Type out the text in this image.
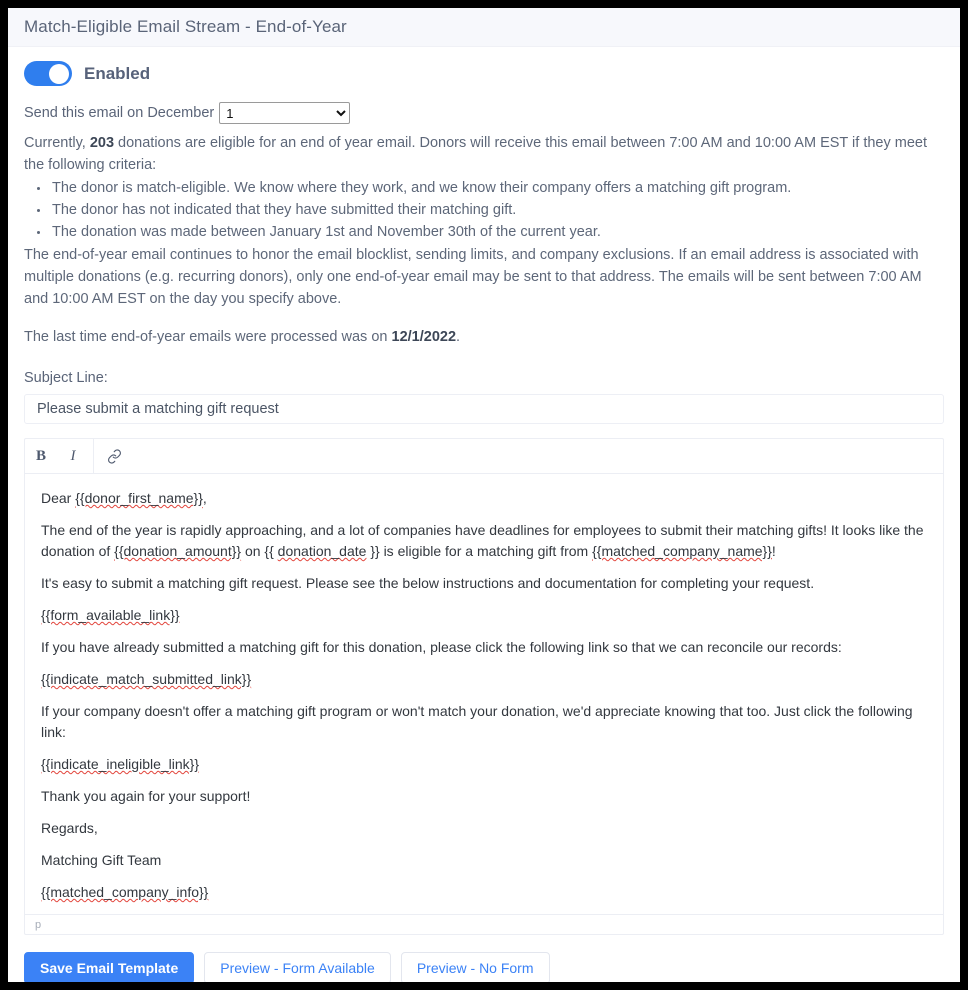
Match-Eligible Email Stream - End-of-Year
Enabled
Send this email on December
1

Currently, 203 donations are eligible for an end of year email. Donors will receive this email between 7:00 AM and 10:00 AM EST if they meet the following criteria:

• The donor is match-eligible. We know where they work, and we know their company offers a matching gift program.
• The donor has not indicated that they have submitted their matching gift.
• The donation was made between January 1st and November 30th of the current year.

The end-of-year email continues to honor the email blocklist, sending limits, and company exclusions. If an email address is associated with multiple donations (e.g. recurring donors), only one end-of-year email may be sent to that address. The emails will be sent between 7:00 AM and 10:00 AM EST on the day you specify above.

The last time end-of-year emails were processed was on 12/1/2022.

Subject Line:
Please submit a matching gift request
B	I

Dear {{donor_first_name}},

The end of the year is rapidly approaching, and a lot of companies have deadlines for employees to submit their matching gifts! It looks like the donation of {{donation_amount}} on {{ donation_date }} is eligible for a matching gift from {{matched_company_name}}!

It's easy to submit a matching gift request. Please see the below instructions and documentation for completing your request.

{{form_available_link}}

If you have already submitted a matching gift for this donation, please click the following link so that we can reconcile our records:

{{indicate_match_submitted_link}}

If your company doesn't offer a matching gift program or won't match your donation, we'd appreciate knowing that too. Just click the following link:

{{indicate_ineligible_link}}

Thank you again for your support!

Regards,

Matching Gift Team

{{matched_company_info}}

p
Save Email Template	Preview - Form Available	Preview - No Form
